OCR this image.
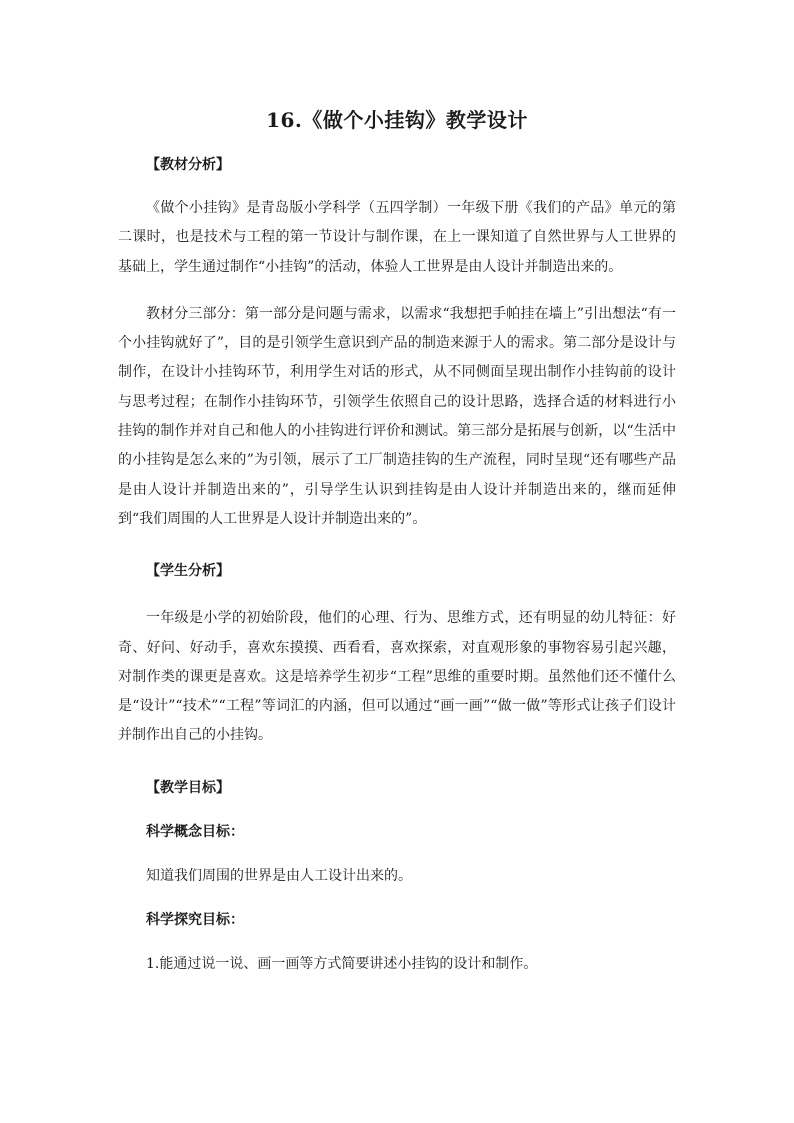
16.《做个小挂钩》教学设计
【教材分析】

《做个小挂钩》是青岛版小学科学（五四学制）一年级下册《我们的产品》单元的第二课时，也是技术与工程的第一节设计与制作课，在上一课知道了自然世界与人工世界的基础上，学生通过制作“小挂钩”的活动，体验人工世界是由人设计并制造出来的。

教材分三部分：第一部分是问题与需求，以需求“我想把手帕挂在墙上”引出想法“有一个小挂钩就好了”，目的是引领学生意识到产品的制造来源于人的需求。第二部分是设计与制作，在设计小挂钩环节，利用学生对话的形式，从不同侧面呈现出制作小挂钩前的设计与思考过程；在制作小挂钩环节，引领学生依照自己的设计思路，选择合适的材料进行小挂钩的制作并对自己和他人的小挂钩进行评价和测试。第三部分是拓展与创新，以“生活中的小挂钩是怎么来的”为引领，展示了工厂制造挂钩的生产流程，同时呈现“还有哪些产品是由人设计并制造出来的”，引导学生认识到挂钩是由人设计并制造出来的，继而延伸到“我们周围的人工世界是人设计并制造出来的”。

【学生分析】

一年级是小学的初始阶段，他们的心理、行为、思维方式，还有明显的幼儿特征：好奇、好问、好动手，喜欢东摸摸、西看看，喜欢探索，对直观形象的事物容易引起兴趣，对制作类的课更是喜欢。这是培养学生初步“工程”思维的重要时期。虽然他们还不懂什么是“设计”“技术”“工程”等词汇的内涵，但可以通过“画一画”“做一做”等形式让孩子们设计并制作出自己的小挂钩。

【教学目标】
科学概念目标：
知道我们周围的世界是由人工设计出来的。
科学探究目标：
1.能通过说一说、画一画等方式简要讲述小挂钩的设计和制作。
